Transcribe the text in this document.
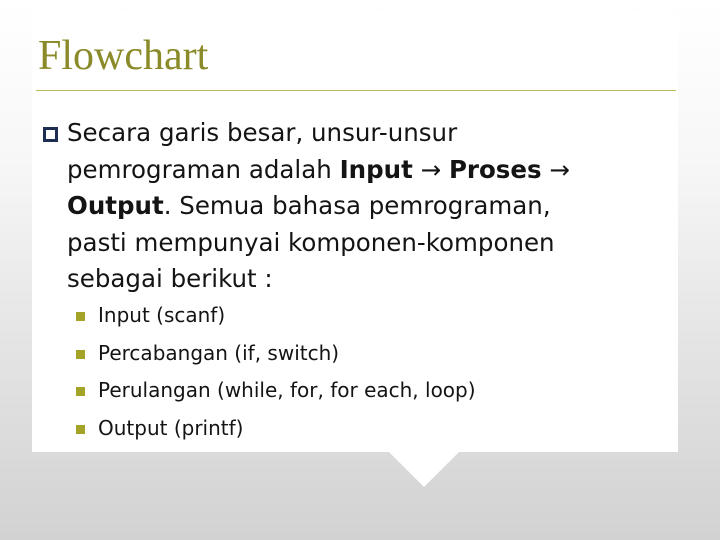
Flowchart

Secara garis besar, unsur-unsur
pemrograman adalah Input → Proses →
Output. Semua bahasa pemrograman,
pasti mempunyai komponen-komponen
sebagai berikut :

Input (scanf)
Percabangan (if, switch)
Perulangan (while, for, for each, loop)
Output (printf)
